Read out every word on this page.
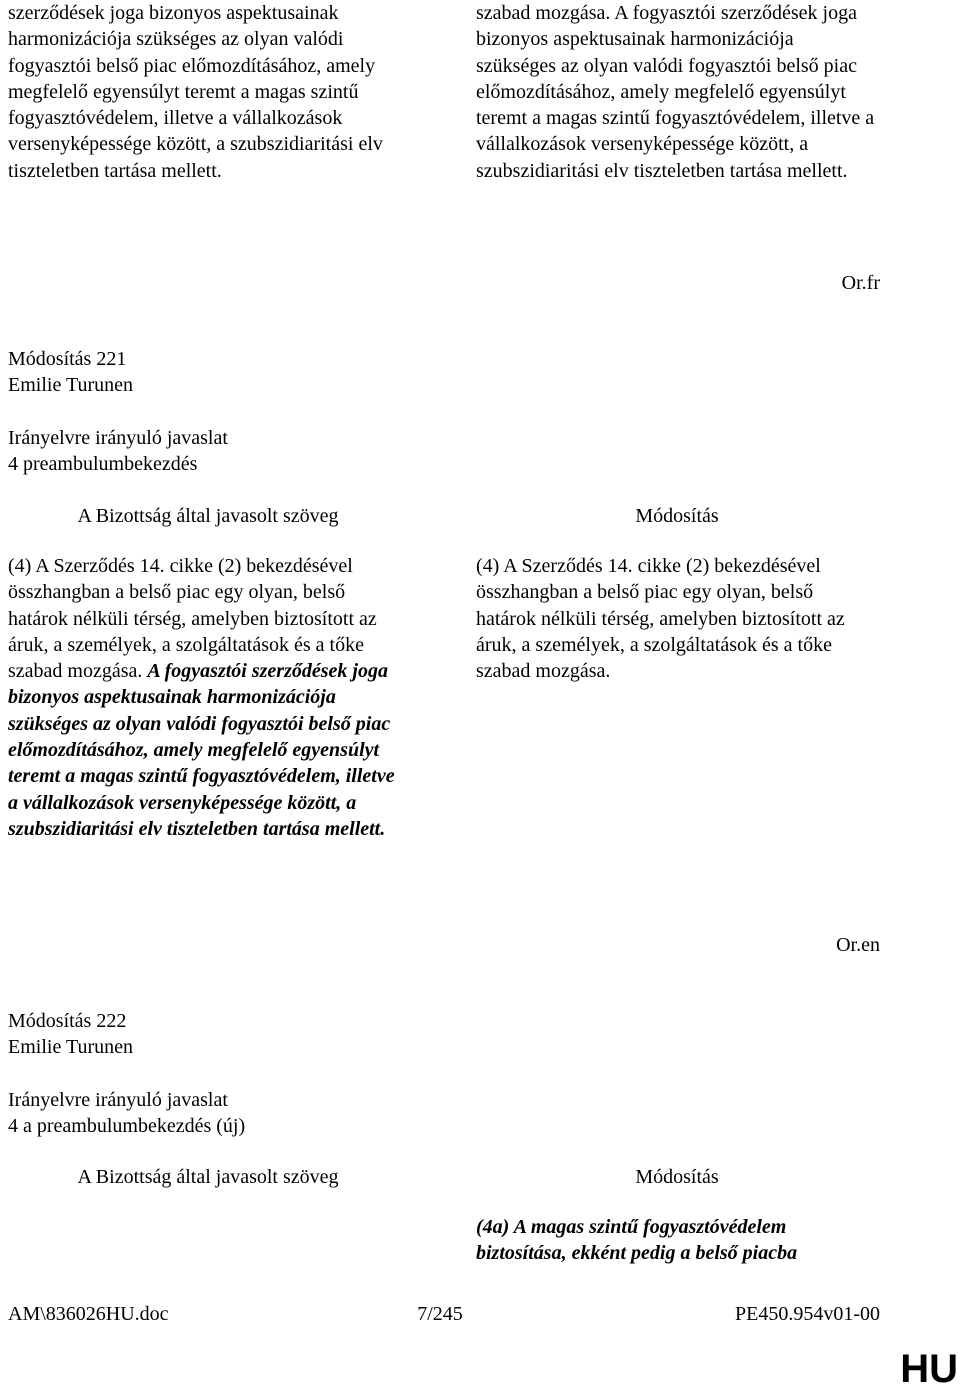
szerződések joga bizonyos aspektusainak harmonizációja szükséges az olyan valódi fogyasztói belső piac előmozdításához, amely megfelelő egyensúlyt teremt a magas szintű fogyasztóvédelem, illetve a vállalkozások versenyképessége között, a szubszidiaritási elv tiszteletben tartása mellett.

szabad mozgása. A fogyasztói szerződések joga bizonyos aspektusainak harmonizációja szükséges az olyan valódi fogyasztói belső piac előmozdításához, amely megfelelő egyensúlyt teremt a magas szintű fogyasztóvédelem, illetve a vállalkozások versenyképessége között, a szubszidiaritási elv tiszteletben tartása mellett.

Or.fr
Módosítás 221
Emilie Turunen
Irányelvre irányuló javaslat
4 preambulumbekezdés
A Bizottság által javasolt szöveg	Módosítás

(4) A Szerződés 14. cikke (2) bekezdésével összhangban a belső piac egy olyan, belső határok nélküli térség, amelyben biztosított az áruk, a személyek, a szolgáltatások és a tőke szabad mozgása. A fogyasztói szerződések joga bizonyos aspektusainak harmonizációja szükséges az olyan valódi fogyasztói belső piac előmozdításához, amely megfelelő egyensúlyt teremt a magas szintű fogyasztóvédelem, illetve a vállalkozások versenyképessége között, a szubszidiaritási elv tiszteletben tartása mellett.

(4) A Szerződés 14. cikke (2) bekezdésével összhangban a belső piac egy olyan, belső határok nélküli térség, amelyben biztosított az áruk, a személyek, a szolgáltatások és a tőke szabad mozgása.

Or.en
Módosítás 222
Emilie Turunen
Irányelvre irányuló javaslat
4 a preambulumbekezdés (új)
A Bizottság által javasolt szöveg	Módosítás

(4a) A magas szintű fogyasztóvédelem biztosítása, ekként pedig a belső piacba

AM\836026HU.doc	7/245	PE450.954v01-00
HU
